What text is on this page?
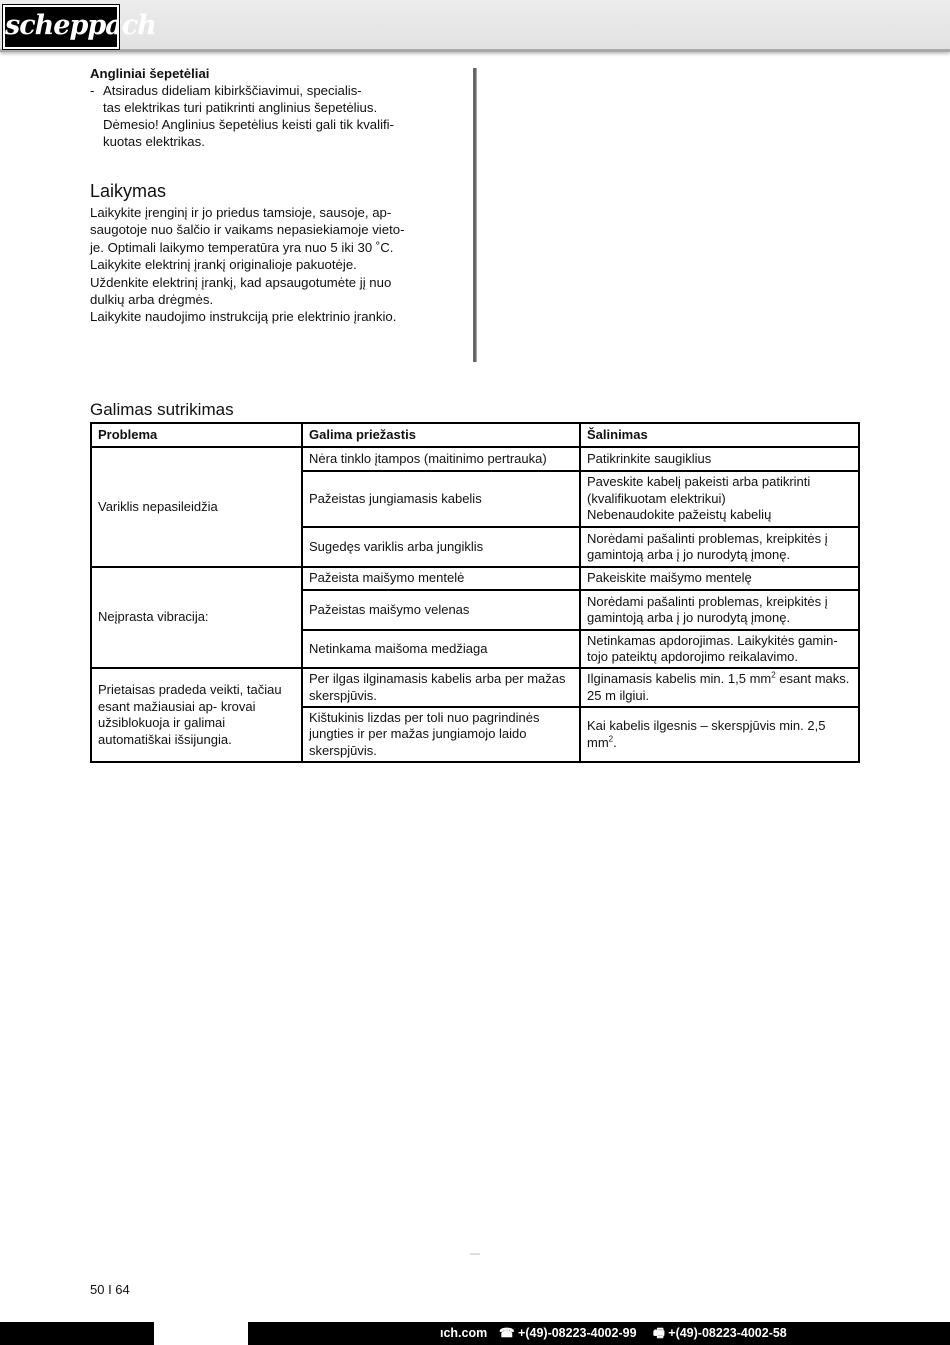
scheppach
Angliniai šepetėliai
- Atsiradus dideliam kibirkščiavimui, specialis-
tas elektrikas turi patikrinti anglinius šepetėlius.
Dėmesio! Anglinius šepetėlius keisti gali tik kvalifi-
kuotas elektrikas.
Laikymas
Laikykite įrenginį ir jo priedus tamsioje, sausoje, ap-
saugotoje nuo šalčio ir vaikams nepasiekiamoje vieto-
je. Optimali laikymo temperatūra yra nuo 5 iki 30 ˚C.
Laikykite elektrinį įrankį originalioje pakuotėje.
Uždenkite elektrinį įrankį, kad apsaugotumėte jį nuo
dulkių arba drėgmės.
Laikykite naudojimo instrukciją prie elektrinio įrankio.
Galimas sutrikimas
Problema	Galima priežastis	Šalinimas
Variklis nepasileidžia	Nėra tinklo įtampos (maitinimo pertrauka)	Patikrinkite saugiklius
	Pažeistas jungiamasis kabelis	Paveskite kabelį pakeisti arba patikrinti
(kvalifikuotam elektrikui)
Nebenaudokite pažeistų kabelių

	Sugedęs variklis arba jungiklis	Norėdami pašalinti problemas, kreipkitės į gamintoją arba į jo nurodytą įmonę.
Neįprasta vibracija:	Pažeista maišymo mentelė	Pakeiskite maišymo mentelę
	Pažeistas maišymo velenas	Norėdami pašalinti problemas, kreipkitės į gamintoją arba į jo nurodytą įmonę.
	Netinkama maišoma medžiaga	Netinkamas apdorojimas. Laikykitės gamin- tojo pateiktų apdorojimo reikalavimo.
Prietaisas pradeda veikti, tačiau esant mažiausiai ap- krovai užsiblokuoja ir galimai automatiškai išsijungia.	Per ilgas ilginamasis kabelis arba per mažas skerspjūvis.	Ilginamasis kabelis min. 1,5 $mm^2$ esant maks. 25 m ilgiui.
	Kištukinis lizdas per toli nuo pagrindinės jungties ir per mažas jungiamojo laido skerspjūvis.	Kai kabelis ilgesnis – skerspjūvis min. 2,5 $mm^2$.
50 I 64
ıch.com ☎ +(49)-08223-4002-99 🖷 +(49)-08223-4002-58
